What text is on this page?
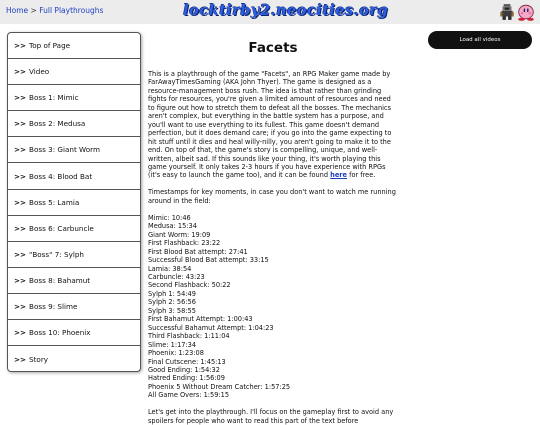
Home > Full Playthroughs	locktirby2.neocities.org
>> Top of Page
>> Video
>> Boss 1: Mimic
>> Boss 2: Medusa
>> Boss 3: Giant Worm
>> Boss 4: Blood Bat
>> Boss 5: Lamia
>> Boss 6: Carbuncle
>> "Boss" 7: Sylph
>> Boss 8: Bahamut
>> Boss 9: Slime
>> Boss 10: Phoenix
>> Story
Load all videos
Facets

This is a playthrough of the game "Facets", an RPG Maker game made by FarAwayTimesGaming (AKA John Thyer). The game is designed as a resource-management boss rush. The idea is that rather than grinding fights for resources, you're given a limited amount of resources and need to figure out how to stretch them to defeat all the bosses. The mechanics aren't complex, but everything in the battle system has a purpose, and you'll want to use everything to its fullest. This game doesn't demand perfection, but it does demand care; if you go into the game expecting to hit stuff until it dies and heal willy-nilly, you aren't going to make it to the end. On top of that, the game's story is compelling, unique, and well-written, albeit sad. If this sounds like your thing, it's worth playing this game yourself. It only takes 2-3 hours if you have experience with RPGs (it's easy to launch the game too), and it can be found here for free.

Timestamps for key moments, in case you don't want to watch me running around in the field:

Mimic: 10:46
Medusa: 15:34
Giant Worm: 19:09
First Flashback: 23:22
First Blood Bat attempt: 27:41
Successful Blood Bat attempt: 33:15
Lamia: 38:54
Carbuncle: 43:23
Second Flashback: 50:22
Sylph 1: 54:49
Sylph 2: 56:56
Sylph 3: 58:55
First Bahamut Attempt: 1:00:43
Successful Bahamut Attempt: 1:04:23
Third Flashback: 1:11:04
Slime: 1:17:34
Phoenix: 1:23:08
Final Cutscene: 1:45:13
Good Ending: 1:54:32
Hatred Ending: 1:56:09
Phoenix 5 Without Dream Catcher: 1:57:25
All Game Overs: 1:59:15

Let's get into the playthrough. I'll focus on the gameplay first to avoid any spoilers for people who want to read this part of the text before
